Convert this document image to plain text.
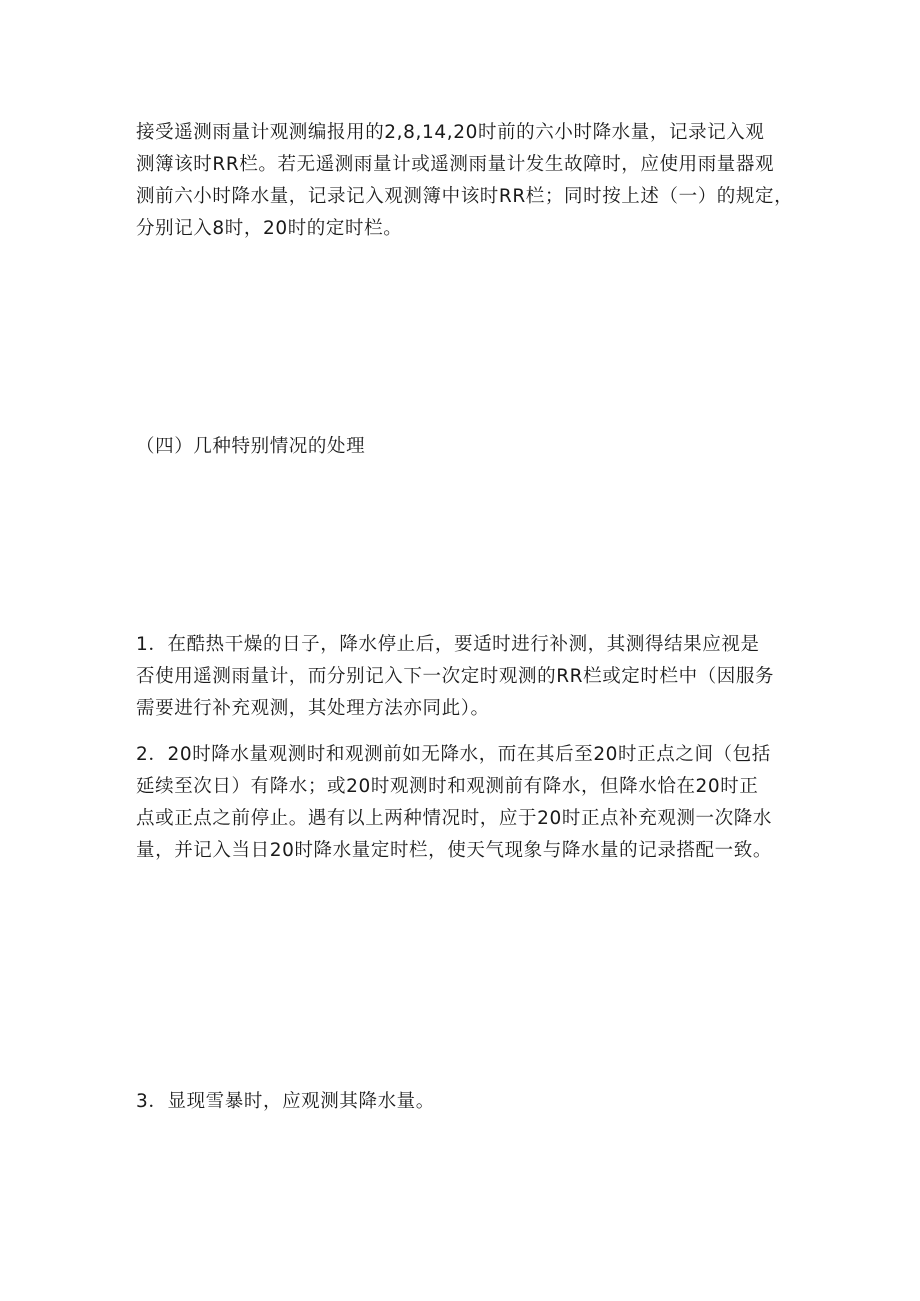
接受遥测雨量计观测编报用的2,8,14,20时前的六小时降水量，记录记入观
测簿该时RR栏。若无遥测雨量计或遥测雨量计发生故障时，应使用雨量器观
测前六小时降水量，记录记入观测簿中该时RR栏；同时按上述（一）的规定，
分别记入8时，20时的定时栏。

（四）几种特别情况的处理

1．在酷热干燥的日子，降水停止后，要适时进行补测，其测得结果应视是
否使用遥测雨量计，而分别记入下一次定时观测的RR栏或定时栏中（因服务
需要进行补充观测，其处理方法亦同此）。

2．20时降水量观测时和观测前如无降水，而在其后至20时正点之间（包括
延续至次日）有降水；或20时观测时和观测前有降水，但降水恰在20时正
点或正点之前停止。遇有以上两种情况时，应于20时正点补充观测一次降水
量，并记入当日20时降水量定时栏，使天气现象与降水量的记录搭配一致。

3．显现雪暴时，应观测其降水量。
